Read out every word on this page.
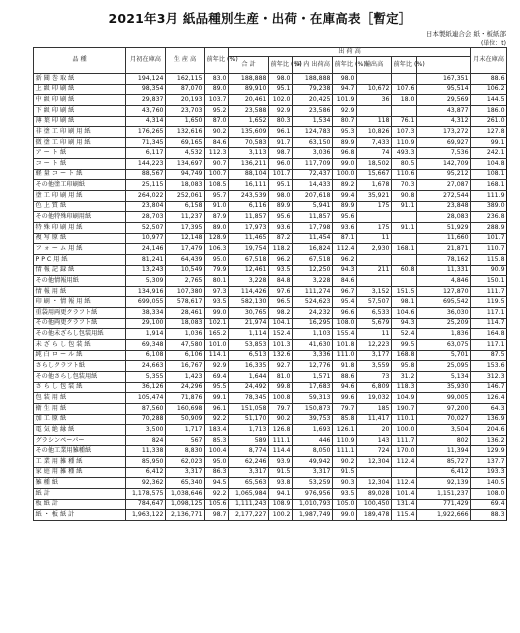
2021年3月 紙品種別生産・出荷・在庫高表［暫定］
日本製紙連合会 紙・板紙部
(単位：t)
品 種	月初在庫高	生 産 高	前年比 (%)	出 荷 高							月末在庫高	
				合 計	前年比 (%)	国 内 出荷高	前年比 (%)	輸出高	前年比 (%)			
新 聞 巻 取 紙	194,124	162,115	83.0	188,888	98.0	188,888	98.0			167,351	88.6	
上 級 印 刷 紙	98,354	87,070	89.0	89,910	95.1	79,238	94.7	10,672	107.6	95,514	106.2	
中 級 印 刷 紙	29,837	20,193	103.7	20,461	102.0	20,425	101.9	36	18.0	29,569	144.5	
下 級 印 刷 紙	43,760	23,703	95.2	23,588	92.9	23,586	92.9			43,877	186.0	
薄 葉 印 刷 紙	4,314	1,650	87.0	1,652	80.3	1,534	80.7	118	76.1	4,312	261.0	
非 塗 工 印 刷 用 紙	176,265	132,616	90.2	135,609	96.1	124,783	95.3	10,826	107.3	173,272	127.8	
微 塗 工 印 刷 用 紙	71,345	69,165	84.6	70,583	91.7	63,150	89.9	7,433	110.9	69,927	99.1	
ア ー ト 紙	6,117	4,532	112.3	3,113	98.7	3,036	96.8	74	493.3	7,536	242.1	
コ ー ト 紙	144,223	134,697	90.7	136,211	96.0	117,709	99.0	18,502	80.5	142,709	104.8	
軽 量 コ ー ト 紙	88,567	94,749	100.7	88,104	101.7	72,437	100.0	15,667	110.6	95,212	108.1	
その他塗工印刷紙	25,115	18,083	108.5	16,111	95.1	14,433	89.2	1,678	70.3	27,087	168.1	
塗 工 印 刷 用 紙	264,022	252,061	95.7	243,539	98.0	207,618	99.4	35,921	90.8	272,544	111.9	
色 上 質 紙	23,804	6,158	91.0	6,116	89.9	5,941	89.9	175	91.1	23,848	389.0	
その他特殊印刷用紙	28,703	11,237	87.9	11,857	95.6	11,857	95.6			28,083	236.8	
特 殊 印 刷 用 紙	52,507	17,395	89.0	17,973	93.6	17,798	93.6	175	91.1	51,929	288.9	
複 写 原 紙	10,977	12,148	128.9	11,465	87.2	11,454	87.1	11		11,660	101.7	
フ ォ ー ム 用 紙	24,146	17,479	106.3	19,754	118.2	16,824	112.4	2,930	168.1	21,871	110.7	
P P C 用 紙	81,241	64,439	95.0	67,518	96.2	67,518	96.2			78,162	115.8	
情 報 記 録 紙	13,243	10,549	79.9	12,461	93.5	12,250	94.3	211	60.8	11,331	90.9	
その他情報用紙	5,309	2,765	80.1	3,228	84.8	3,228	84.6			4,846	150.1	
情 報 用 紙	134,916	107,380	97.3	114,426	97.6	111,274	96.7	3,152	151.5	127,870	111.7	
印 刷 ・ 情 報 用 紙	699,055	578,617	93.5	582,130	96.5	524,623	95.4	57,507	98.1	695,542	119.5	
重袋用両更クラフト紙	38,334	28,461	99.0	30,765	98.2	24,232	96.6	6,533	104.6	36,030	117.1	
その他両更クラフト紙	29,100	18,083	102.1	21,974	104.1	16,295	108.0	5,679	94.3	25,209	114.7	
その他未ざらし包装用紙	1,914	1,036	165.2	1,114	152.4	1,103	155.4	11	52.4	1,836	164.8	
未 ざ ら し 包 装 紙	69,348	47,580	101.0	53,853	101.3	41,630	101.8	12,223	99.5	63,075	117.1	
純 白 ロ ー ル 紙	6,108	6,106	114.1	6,513	132.6	3,336	111.0	3,177	168.8	5,701	87.5	
さらしクラフト紙	24,663	16,767	92.9	16,335	92.7	12,776	91.8	3,559	95.8	25,095	153.6	
その他さらし包装用紙	5,355	1,423	69.4	1,644	81.0	1,571	88.6	73	31.2	5,134	312.3	
さ ら し 包 装 紙	36,126	24,296	95.5	24,492	99.8	17,683	94.6	6,809	118.3	35,930	146.7	
包 装 用 紙	105,474	71,876	99.1	78,345	100.8	59,313	99.6	19,032	104.9	99,005	126.4	
衛 生 用 紙	87,560	160,698	96.1	151,058	79.7	150,873	79.7	185	190.7	97,200	64.3	
加 工 原 紙	70,288	50,909	92.2	51,170	90.2	39,753	85.8	11,417	110.1	70,027	136.9	
電 気 絶 縁 紙	3,500	1,717	183.4	1,713	126.8	1,693	126.1	20	100.0	3,504	204.6	
グラシンペーパー	824	567	85.3	589	111.1	446	110.9	143	111.7	802	136.2	
その他工業用雑種紙	11,338	8,830	100.4	8,774	114.4	8,050	111.1	724	170.0	11,394	129.9	
工 業 用 雑 種 紙	85,950	62,023	95.0	62,246	93.9	49,942	90.2	12,304	112.4	85,727	137.7	
家 庭 用 雑 種 紙	6,412	3,317	86.3	3,317	91.5	3,317	91.5			6,412	193.3	
雑 種 紙	92,362	65,340	94.5	65,563	93.8	53,259	90.3	12,304	112.4	92,139	140.5	
紙 計	1,178,575	1,038,646	92.2	1,065,984	94.1	976,956	93.5	89,028	101.4	1,151,237	108.0	
板 紙 計	784,647	1,098,125	105.6	1,111,243	108.9	1,010,793	105.0	100,450	131.4	771,429	69.4	
紙 ・ 板 紙 計	1,963,122	2,136,771	98.7	2,177,227	100.2	1,987,749	99.0	189,478	115.4	1,922,666	88.3	
